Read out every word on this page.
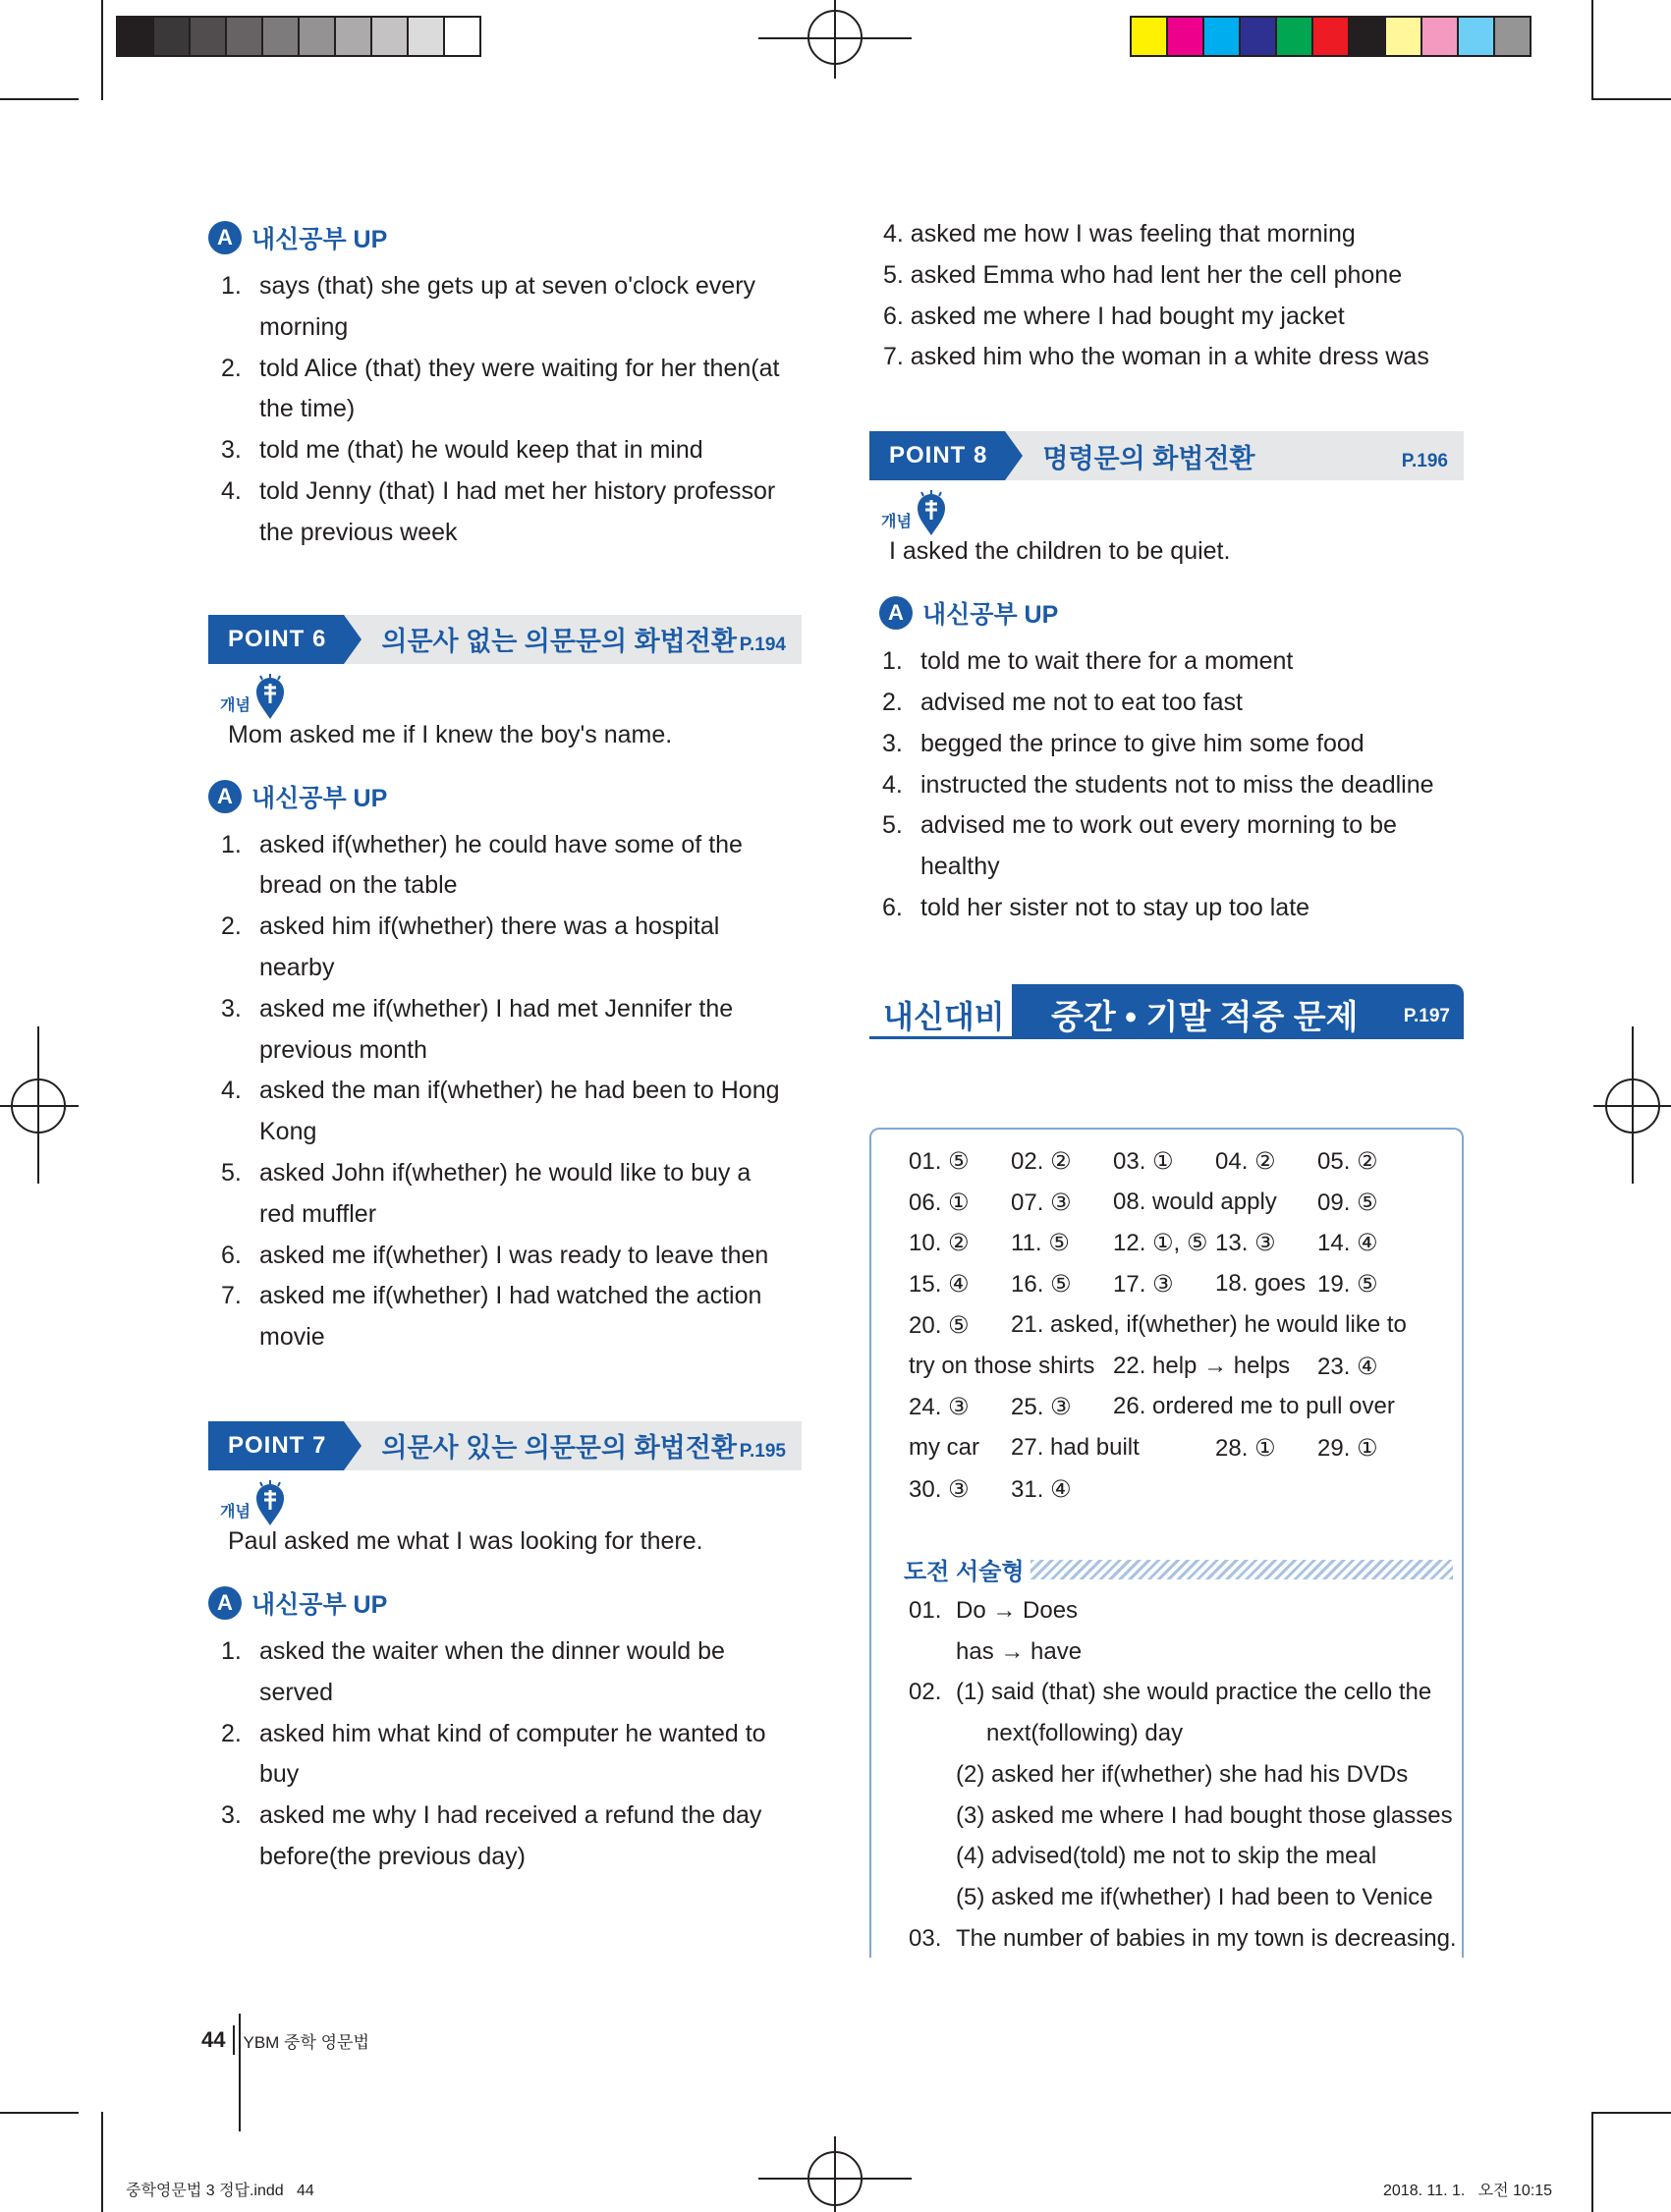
A 내신공부 UP
1. says (that) she gets up at seven o'clock every
morning
2. told Alice (that) they were waiting for her then(at
the time)
3. told me (that) he would keep that in mind
4. told Jenny (that) I had met her history professor
the previous week
POINT 6	의문사 없는 의문문의 화법전환 P.194
개념
Mom asked me if I knew the boy's name.
A 내신공부 UP
1. asked if(whether) he could have some of the
bread on the table
2. asked him if(whether) there was a hospital
nearby
3. asked me if(whether) I had met Jennifer the
previous month
4. asked the man if(whether) he had been to Hong
Kong
5. asked John if(whether) he would like to buy a
red muffler
6. asked me if(whether) I was ready to leave then
7. asked me if(whether) I had watched the action
movie
POINT 7	의문사 있는 의문문의 화법전환 P.195
개념
Paul asked me what I was looking for there.
A 내신공부 UP
1. asked the waiter when the dinner would be
served
2. asked him what kind of computer he wanted to
buy
3. asked me why I had received a refund the day
before(the previous day)
4. asked me how I was feeling that morning
5. asked Emma who had lent her the cell phone
6. asked me where I had bought my jacket
7. asked him who the woman in a white dress was
POINT 8	명령문의 화법전환	P.196
개념
I asked the children to be quiet.
A 내신공부 UP
1. told me to wait there for a moment
2. advised me not to eat too fast
3. begged the prince to give him some food
4. instructed the students not to miss the deadline
5. advised me to work out every morning to be
healthy
6. told her sister not to stay up too late
내신대비 중간 • 기말 적중 문제 P.197
01. ⑤ 02. ② 03. ① 04. ② 05. ②
06. ① 07. ③ 08. would apply 09. ⑤
10. ② 11. ⑤ 12. ①, ⑤ 13. ③ 14. ④
15. ④ 16. ⑤ 17. ③ 18. goes 19. ⑤
20. ⑤ 21. asked, if(whether) he would like to
try on those shirts 22. help → helps 23. ④
24. ③ 25. ③ 26. ordered me to pull over
my car 27. had built	28. ① 29. ①
30. ③ 31. ④
도전 서술형
01. Do → Does
has → have
02. (1) said (that) she would practice the cello the
next(following) day
(2) asked her if(whether) she had his DVDs
(3) asked me where I had bought those glasses
(4) advised(told) me not to skip the meal
(5) asked me if(whether) I had been to Venice
03. The number of babies in my town is decreasing.
44 YBM 중학 영문법
중학영문법 3 정답.indd   44	2018. 11. 1.   오전 10:15
